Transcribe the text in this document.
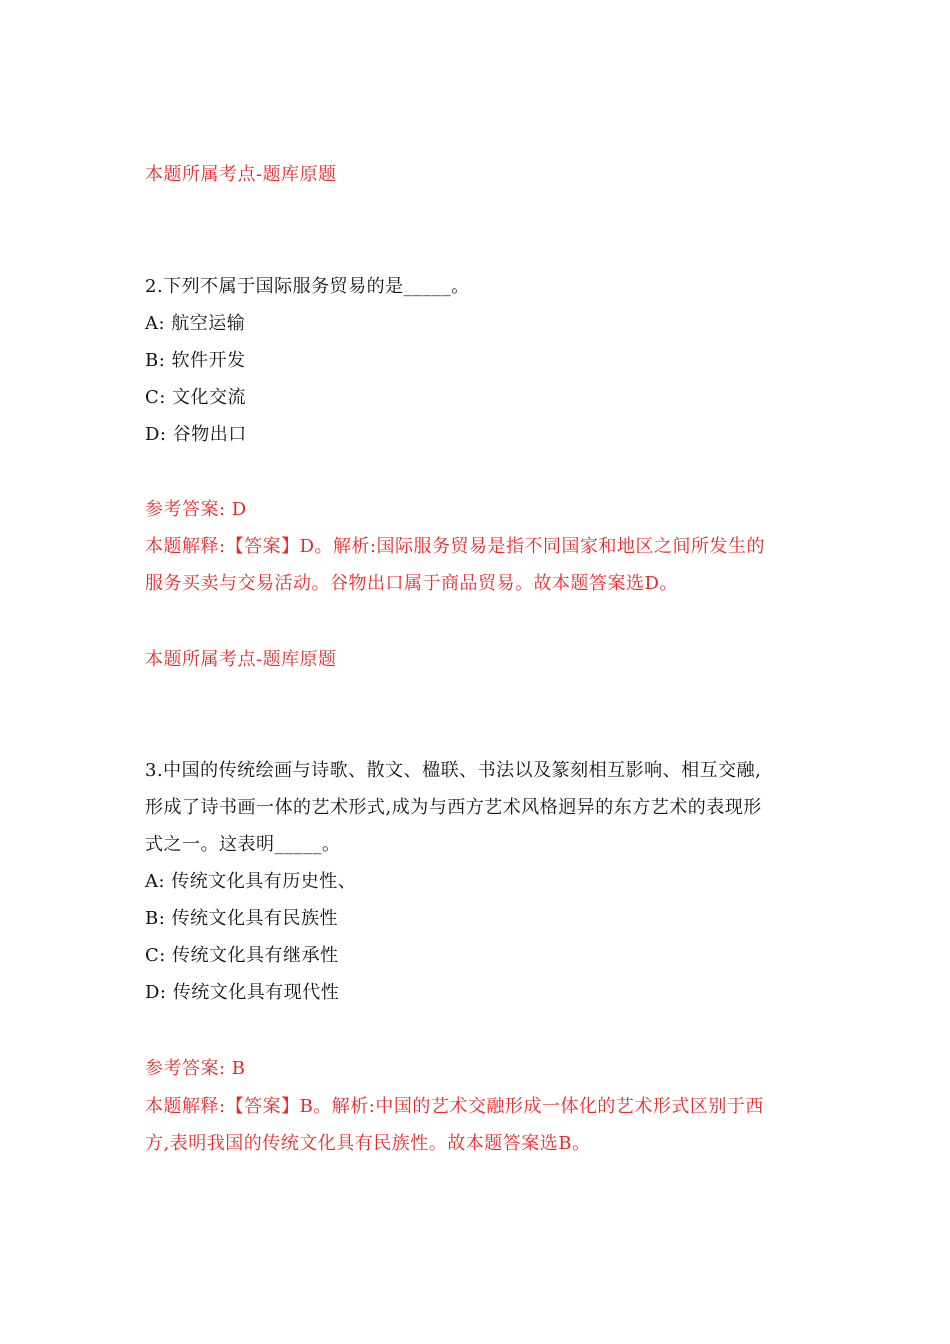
本题所属考点-题库原题
2.下列不属于国际服务贸易的是_____。
A: 航空运输
B: 软件开发
C: 文化交流
D: 谷物出口
参考答案: D
本题解释:【答案】D。解析:国际服务贸易是指不同国家和地区之间所发生的
服务买卖与交易活动。谷物出口属于商品贸易。故本题答案选D。
本题所属考点-题库原题
3.中国的传统绘画与诗歌、散文、楹联、书法以及篆刻相互影响、相互交融,
形成了诗书画一体的艺术形式,成为与西方艺术风格迥异的东方艺术的表现形
式之一。这表明_____。
A: 传统文化具有历史性、
B: 传统文化具有民族性
C: 传统文化具有继承性
D: 传统文化具有现代性
参考答案: B
本题解释:【答案】B。解析:中国的艺术交融形成一体化的艺术形式区别于西
方,表明我国的传统文化具有民族性。故本题答案选B。
